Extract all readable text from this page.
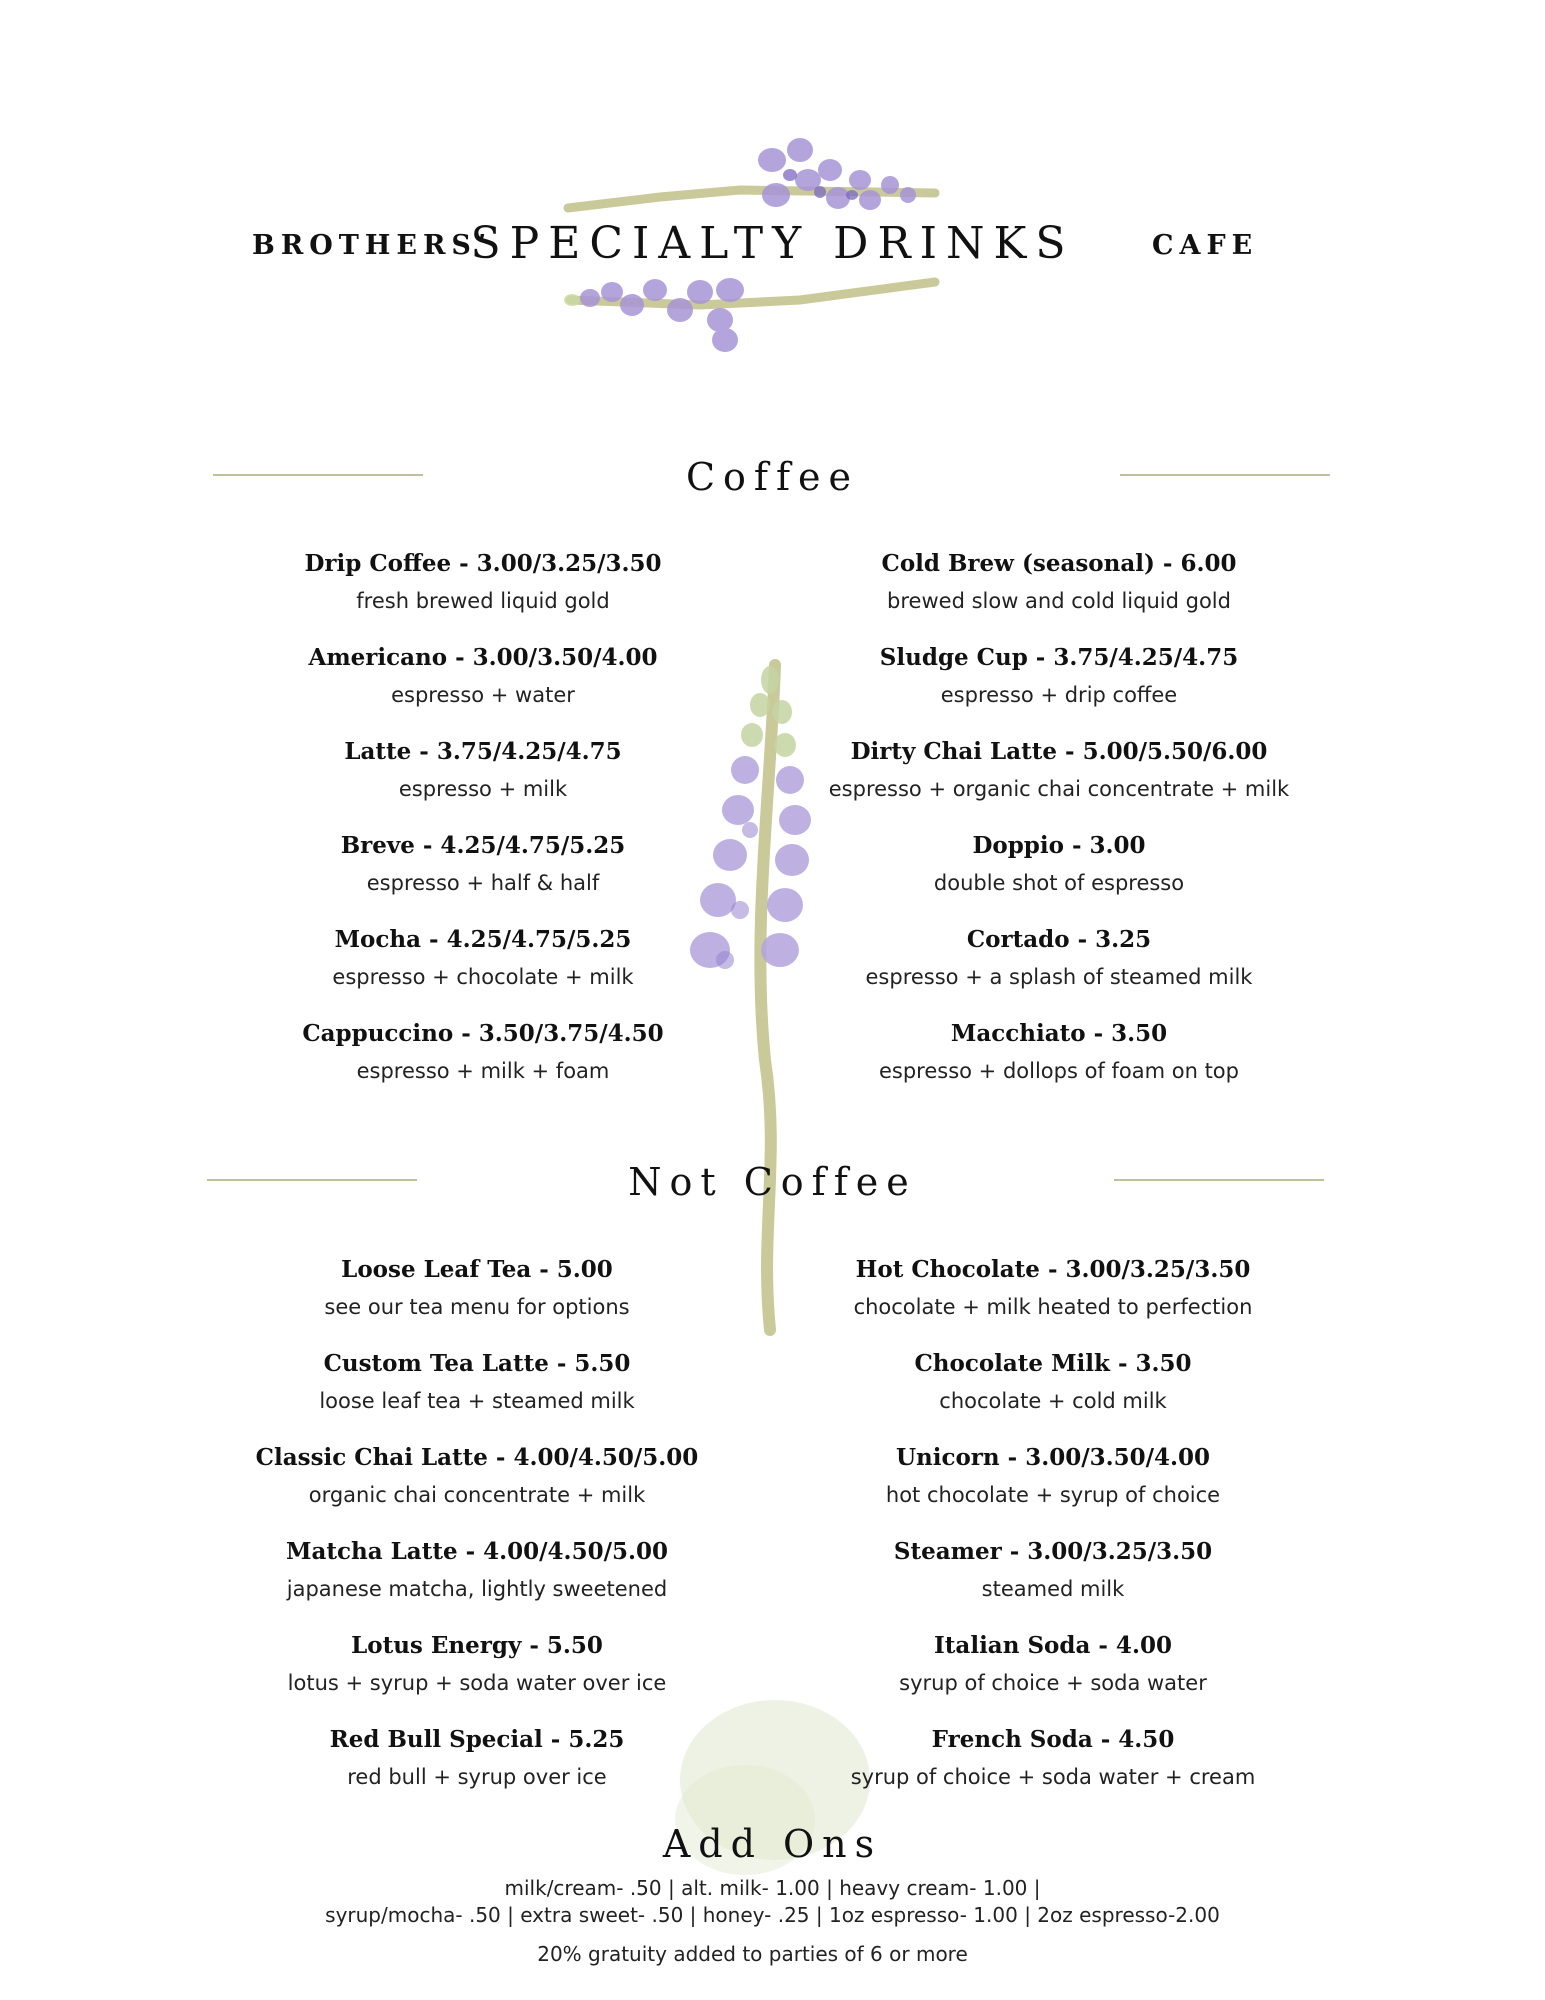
BROTHERS’
SPECIALTY DRINKS	CAFE
Coffee
Drip Coffee - 3.00/3.25/3.50
fresh brewed liquid gold
Americano - 3.00/3.50/4.00
espresso + water
Latte - 3.75/4.25/4.75
espresso + milk
Breve - 4.25/4.75/5.25
espresso + half & half
Mocha - 4.25/4.75/5.25
espresso + chocolate + milk
Cappuccino - 3.50/3.75/4.50
espresso + milk + foam
Cold Brew (seasonal) - 6.00
brewed slow and cold liquid gold
Sludge Cup - 3.75/4.25/4.75
espresso + drip coffee
Dirty Chai Latte - 5.00/5.50/6.00
espresso + organic chai concentrate + milk
Doppio - 3.00
double shot of espresso
Cortado - 3.25
espresso + a splash of steamed milk
Macchiato - 3.50
espresso + dollops of foam on top
Not Coffee
Loose Leaf Tea - 5.00
see our tea menu for options
Custom Tea Latte - 5.50
loose leaf tea + steamed milk
Classic Chai Latte - 4.00/4.50/5.00
organic chai concentrate + milk
Matcha Latte - 4.00/4.50/5.00
japanese matcha, lightly sweetened
Lotus Energy - 5.50
lotus + syrup + soda water over ice
Red Bull Special - 5.25
red bull + syrup over ice
Hot Chocolate - 3.00/3.25/3.50
chocolate + milk heated to perfection
Chocolate Milk - 3.50
chocolate + cold milk
Unicorn - 3.00/3.50/4.00
hot chocolate + syrup of choice
Steamer - 3.00/3.25/3.50
steamed milk
Italian Soda - 4.00
syrup of choice + soda water
French Soda - 4.50
syrup of choice + soda water + cream
Add Ons
milk/cream- .50 | alt. milk- 1.00 | heavy cream- 1.00 |
syrup/mocha- .50 | extra sweet- .50 | honey- .25 | 1oz espresso- 1.00 | 2oz espresso-2.00
20% gratuity added to parties of 6 or more
